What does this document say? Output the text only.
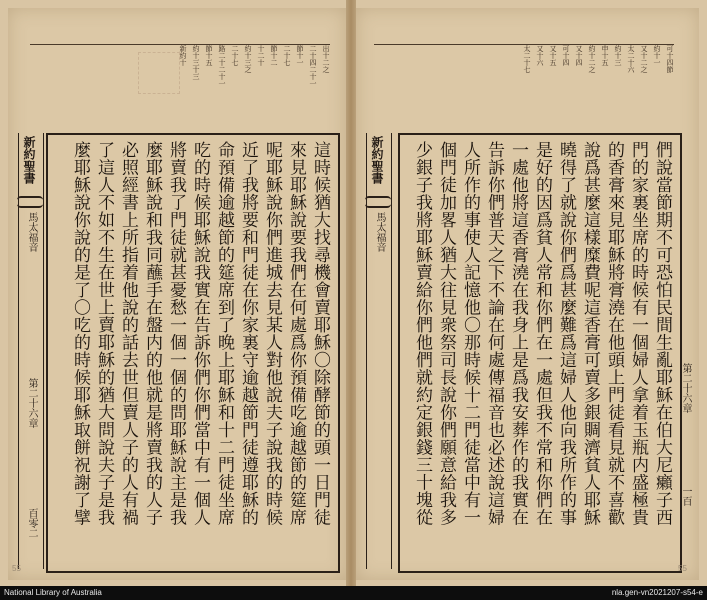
出十二之
二十四二十一
節十一
二十七
節十二
十二十
約十三之
二十七
路二十二十一
節十五
約十三十三
新約十
新約聖書
馬太福音
第二十六章
百零二	這時候猶大找尋機會賣耶穌〇除酵節的頭一日門徒
來見耶穌說要我們在何處爲你預備吃逾越節的筵席
呢耶穌說你們進城去見某人對他說夫子說我的時候
近了我將要和門徒在你家裏守逾越節門徒遵耶穌的
命預備逾越節的筵席到了晚上耶穌和十二門徒坐席
吃的時候耶穌說我實在告訴你們你們當中有一個人
將賣我了門徒就甚憂愁一個一個的問耶穌說主是我
麼耶穌說和我同蘸手在盤内的他就是將賣我的人子
必照經書上所指着他說的話去世但賣人子的人有禍
了這人不如不生在世上賣耶穌的猶大問說夫子是我
麼耶穌說你說的是了〇吃的時候耶穌取餅祝謝了擘
55
可十四節
約十一
又十二之
太二十六
約十三
申十五
約十二之
又十四
可十四
又十五
又十六
太二十七
新約聖書
馬太福音
第二十六章
一百
們說當節期不可恐怕民間生亂耶穌在伯大尼癩子西
門的家裏坐席的時候有一個婦人拿着玉瓶内盛極貴
的香膏來見耶穌將膏澆在他頭上門徒看見就不喜歡
說爲甚麼這樣糜費呢這香膏可賣多銀賙濟貧人耶穌
曉得了就說你們爲甚麼難爲這婦人他向我所作的事
是好的因爲貧人常和你們在一處但我不常和你們在
一處他將這香膏澆在我身上是爲我安葬作的我實在
告訴你們普天之下不論在何處傳福音也必述說這婦
人所作的事使人記憶他〇那時候十二門徒當中有一
個門徒加畧人猶大往見衆祭司長說你們願意給我多
少銀子我將耶穌賣給你們他們就約定銀錢三十塊從
55
National Library of Australia	nla.gen-vn2021207-s54-e
